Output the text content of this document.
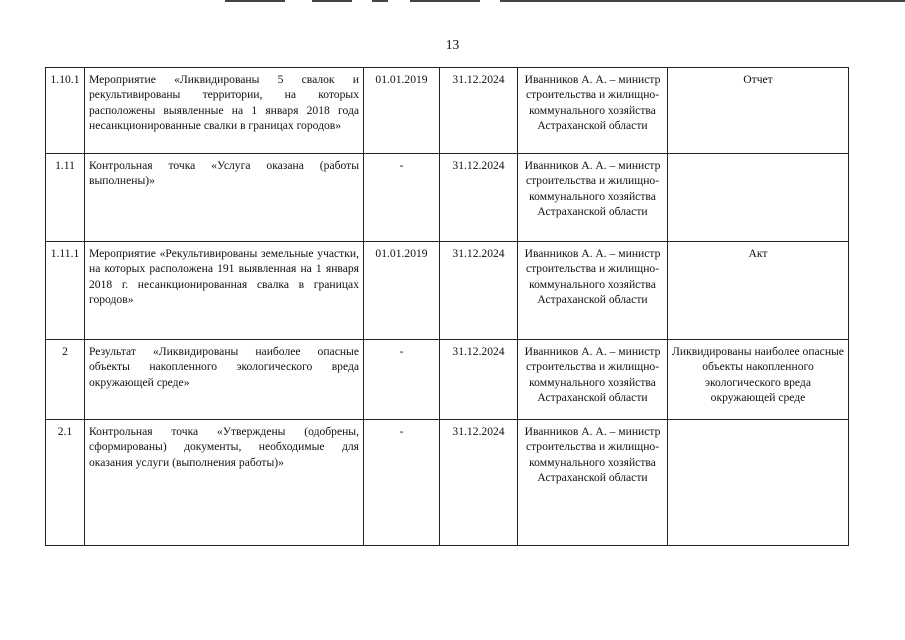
13
1.10.1	Мероприятие «Ликвидированы 5 свалок и рекультивированы территории, на которых расположены выявленные на 1 января 2018 года несанкционированные свалки в границах городов»	01.01.2019	31.12.2024	Иванников А. А. – министр строительства и жилищно-коммунального хозяйства Астраханской области	Отчет
1.11	Контрольная точка «Услуга оказана (работы выполнены)»	-	31.12.2024	Иванников А. А. – министр строительства и жилищно-коммунального хозяйства Астраханской области	
1.11.1	Мероприятие «Рекультивированы земельные участки, на которых расположена 191 выявленная на 1 января 2018 г. несанкционированная свалка в границах городов»	01.01.2019	31.12.2024	Иванников А. А. – министр строительства и жилищно-коммунального хозяйства Астраханской области	Акт
2	Результат «Ликвидированы наиболее опасные объекты накопленного экологического вреда окружающей среде»	-	31.12.2024	Иванников А. А. – министр строительства и жилищно-коммунального хозяйства Астраханской области	Ликвидированы наиболее опасные объекты накопленного экологического вреда окружающей среде
2.1	Контрольная точка «Утверждены (одобрены, сформированы) документы, необходимые для оказания услуги (выполнения работы)»	-	31.12.2024	Иванников А. А. – министр строительства и жилищно-коммунального хозяйства Астраханской области	
